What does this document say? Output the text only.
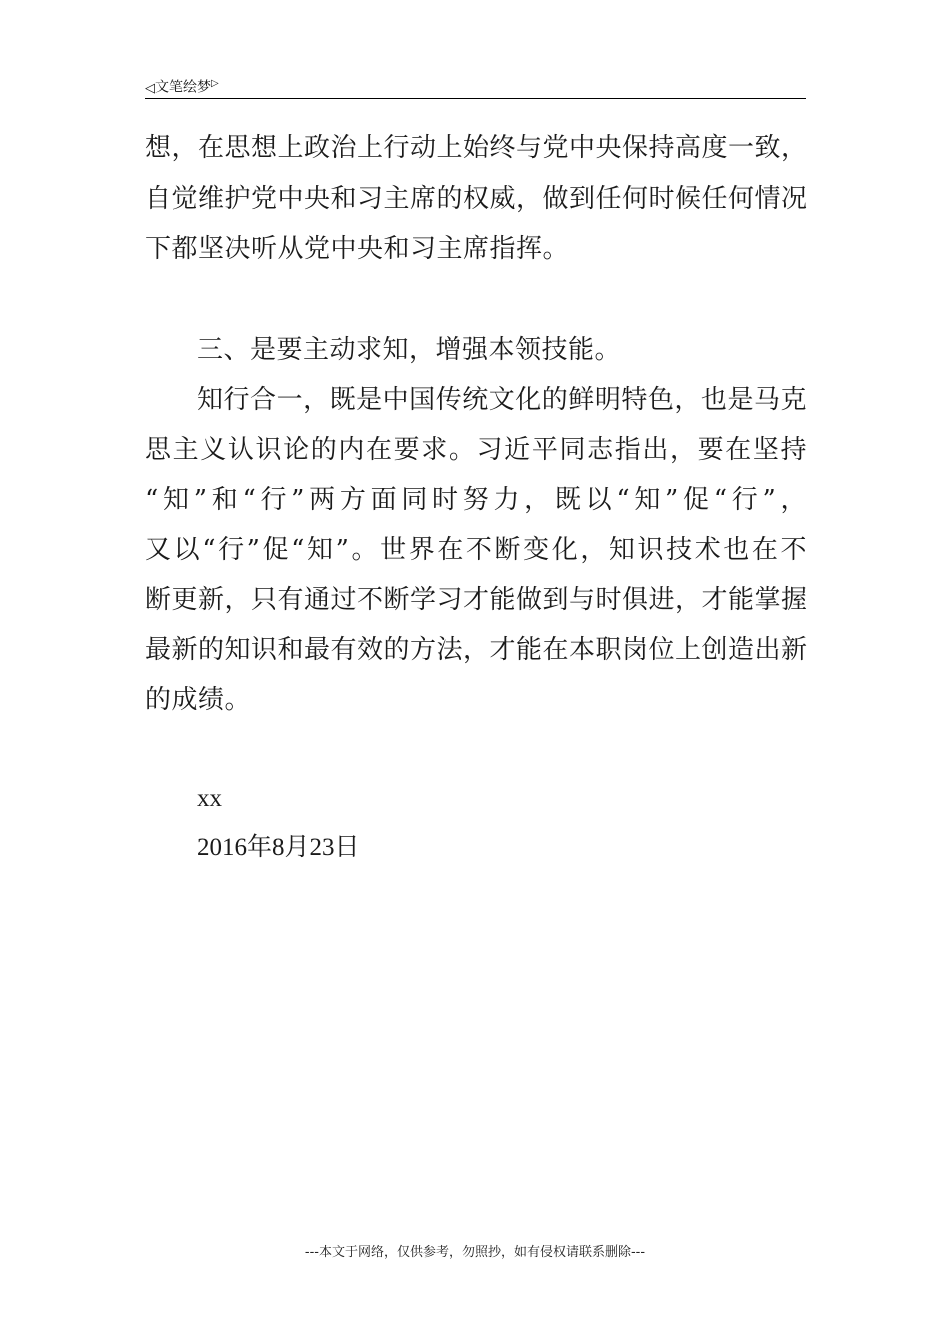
◁文笔绘梦▷
想，在思想上政治上行动上始终与党中央保持高度一致，
自觉维护党中央和习主席的权威，做到任何时候任何情况
下都坚决听从党中央和习主席指挥。
三、是要主动求知，增强本领技能。
知行合一，既是中国传统文化的鲜明特色，也是马克
思主义认识论的内在要求。习近平同志指出，要在坚持
“知”和“行”两方面同时努力，既以“知”促“行”，
又以“行”促“知”。世界在不断变化，知识技术也在不
断更新，只有通过不断学习才能做到与时俱进，才能掌握
最新的知识和最有效的方法，才能在本职岗位上创造出新
的成绩。
xx
2016年8月23日
---本文于网络，仅供参考，勿照抄，如有侵权请联系删除---
